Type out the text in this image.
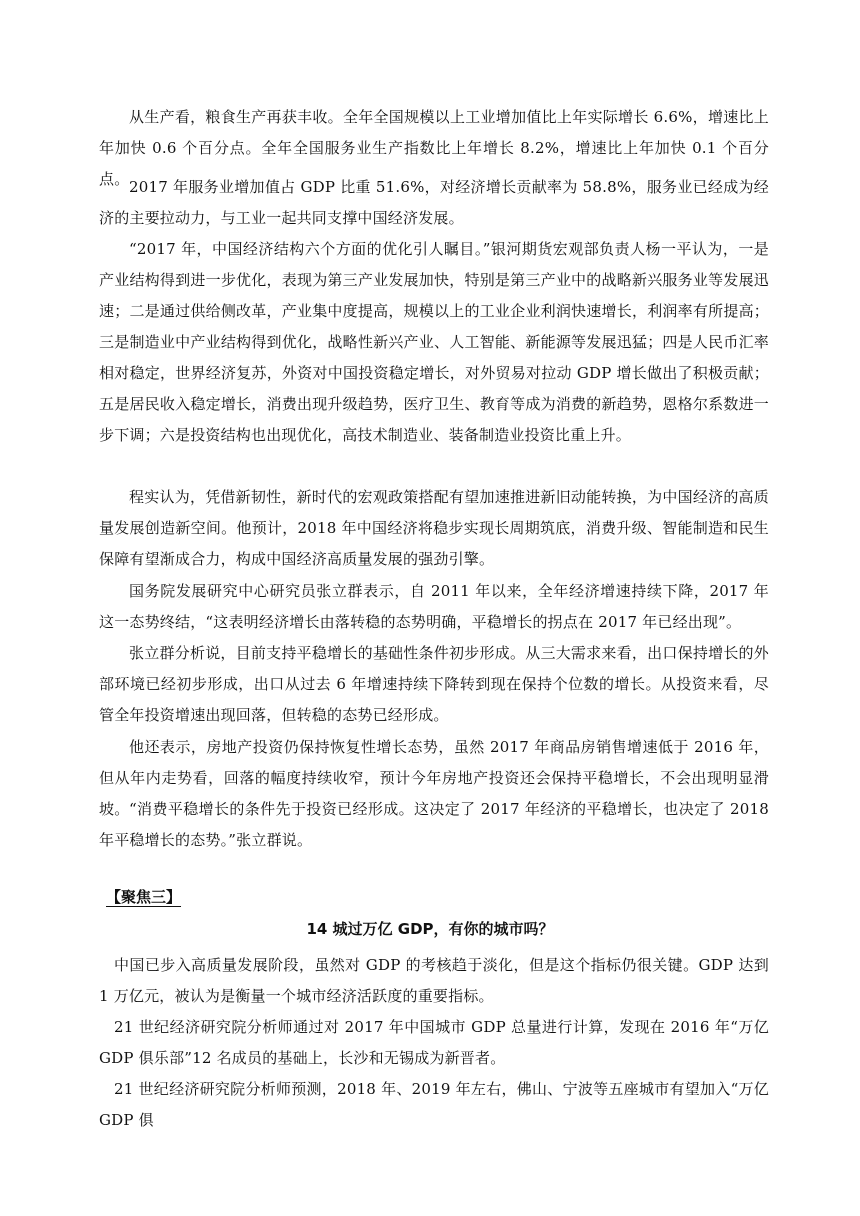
从生产看，粮食生产再获丰收。全年全国规模以上工业增加值比上年实际增长 6.6%，增速比上年加快 0.6 个百分点。全年全国服务业生产指数比上年增长 8.2%，增速比上年加快 0.1 个百分点。 2017 年服务业增加值占 GDP 比重 51.6%，对经济增长贡献率为 58.8%，服务业已经成为经济的主要拉动力，与工业一起共同支撑中国经济发展。

“2017 年，中国经济结构六个方面的优化引人瞩目。”银河期货宏观部负责人杨一平认为，一是产业结构得到进一步优化，表现为第三产业发展加快，特别是第三产业中的战略新兴服务业等发展迅速；二是通过供给侧改革，产业集中度提高，规模以上的工业企业利润快速增长，利润率有所提高；三是制造业中产业结构得到优化，战略性新兴产业、人工智能、新能源等发展迅猛；四是人民币汇率相对稳定，世界经济复苏，外资对中国投资稳定增长，对外贸易对拉动 GDP 增长做出了积极贡献；五是居民收入稳定增长，消费出现升级趋势，医疗卫生、教育等成为消费的新趋势，恩格尔系数进一步下调；六是投资结构也出现优化，高技术制造业、装备制造业投资比重上升。

程实认为，凭借新韧性，新时代的宏观政策搭配有望加速推进新旧动能转换，为中国经济的高质量发展创造新空间。他预计，2018 年中国经济将稳步实现长周期筑底，消费升级、智能制造和民生保障有望渐成合力，构成中国经济高质量发展的强劲引擎。

国务院发展研究中心研究员张立群表示，自 2011 年以来，全年经济增速持续下降，2017 年这一态势终结，“这表明经济增长由落转稳的态势明确，平稳增长的拐点在 2017 年已经出现”。

张立群分析说，目前支持平稳增长的基础性条件初步形成。从三大需求来看，出口保持增长的外部环境已经初步形成，出口从过去 6 年增速持续下降转到现在保持个位数的增长。从投资来看，尽管全年投资增速出现回落，但转稳的态势已经形成。

他还表示，房地产投资仍保持恢复性增长态势，虽然 2017 年商品房销售增速低于 2016 年，但从年内走势看，回落的幅度持续收窄，预计今年房地产投资还会保持平稳增长，不会出现明显滑坡。 “消费平稳增长的条件先于投资已经形成。这决定了 2017 年经济的平稳增长，也决定了 2018 年平稳增长的态势。”张立群说。

【聚焦三】

14 城过万亿 GDP，有你的城市吗？

中国已步入高质量发展阶段，虽然对 GDP 的考核趋于淡化，但是这个指标仍很关键。GDP 达到 1 万亿元，被认为是衡量一个城市经济活跃度的重要指标。

21 世纪经济研究院分析师通过对 2017 年中国城市 GDP 总量进行计算，发现在 2016 年“万亿 GDP 俱乐部”12 名成员的基础上，长沙和无锡成为新晋者。

21 世纪经济研究院分析师预测，2018 年、2019 年左右，佛山、宁波等五座城市有望加入“万亿 GDP 俱
